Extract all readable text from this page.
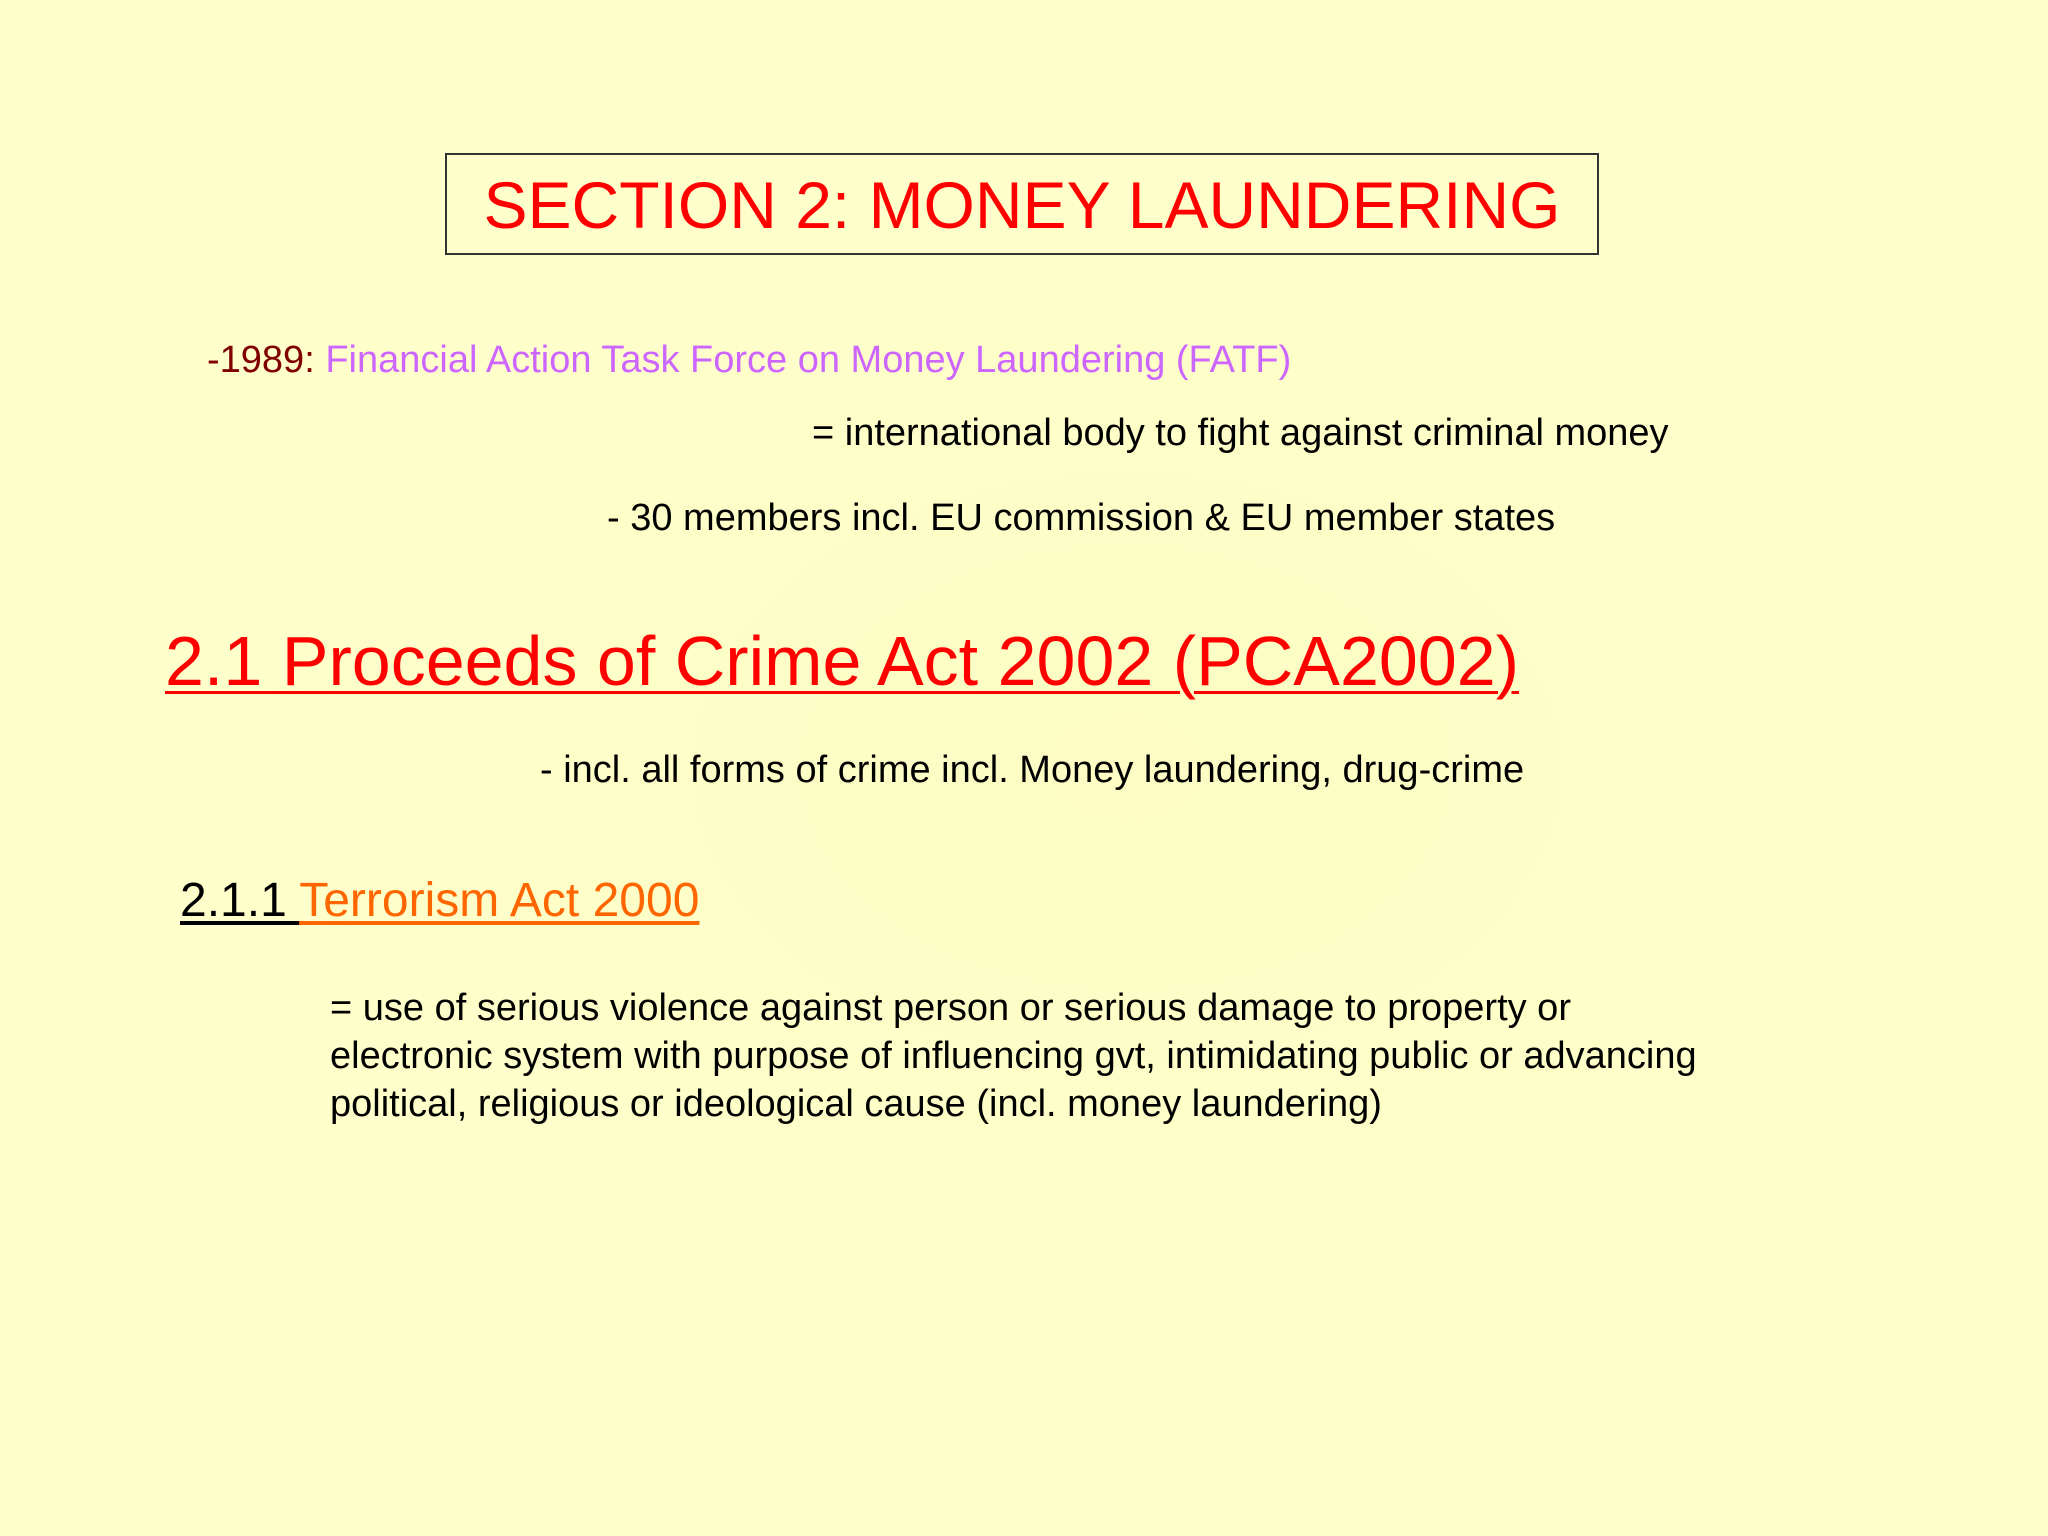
SECTION 2: MONEY LAUNDERING
-1989: Financial Action Task Force on Money Laundering (FATF)
= international body to fight against criminal money
- 30 members incl. EU commission & EU member states
2.1 Proceeds of Crime Act 2002 (PCA2002)
- incl. all forms of crime incl. Money laundering, drug-crime
2.1.1 Terrorism Act 2000
= use of serious violence against person or serious damage to property or
electronic system with purpose of influencing gvt, intimidating public or advancing
political, religious or ideological cause (incl. money laundering)
